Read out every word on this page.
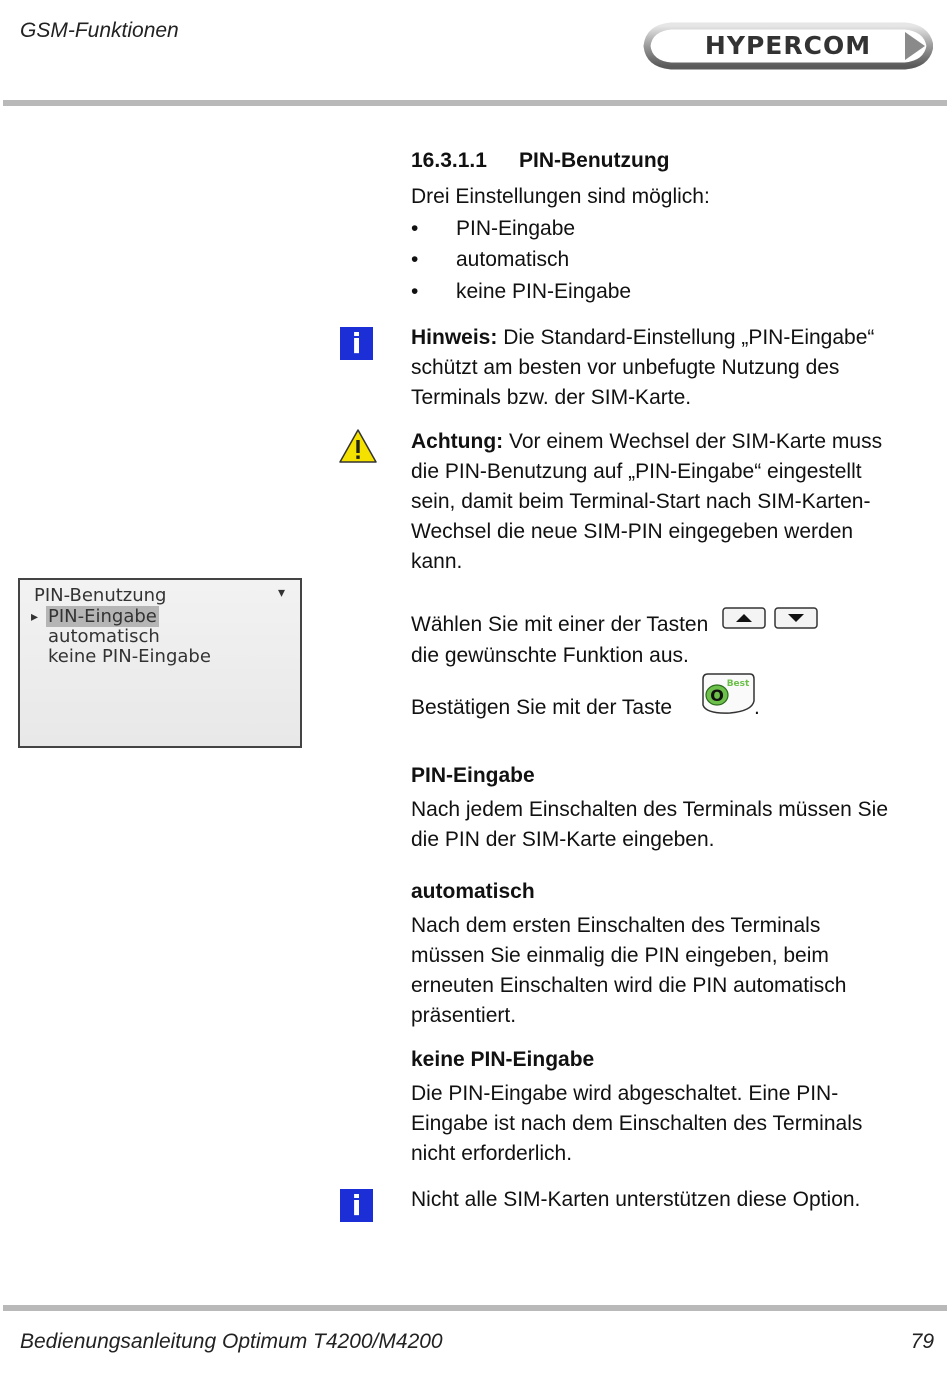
GSM-Funktionen
HYPERCOM
16.3.1.1 PIN-Benutzung
Drei Einstellungen sind möglich:
•	PIN-Eingabe
•	automatisch
•	keine PIN-Eingabe
i	Hinweis: Die Standard-Einstellung „PIN-Eingabe“
schützt am besten vor unbefugte Nutzung des
Terminals bzw. der SIM-Karte.
Achtung: Vor einem Wechsel der SIM-Karte muss
die PIN-Benutzung auf „PIN-Eingabe“ eingestellt
sein, damit beim Terminal-Start nach SIM-Karten-
Wechsel die neue SIM-PIN eingegeben werden
kann.
PIN-Benutzung	▾
▸ PIN-Eingabe
automatisch
keine PIN-Eingabe
Wählen Sie mit einer der Tasten
die gewünschte Funktion aus.
Bestätigen Sie mit der Taste
O
Best
.
PIN-Eingabe
Nach jedem Einschalten des Terminals müssen Sie
die PIN der SIM-Karte eingeben.
automatisch
Nach dem ersten Einschalten des Terminals
müssen Sie einmalig die PIN eingeben, beim
erneuten Einschalten wird die PIN automatisch
präsentiert.
keine PIN-Eingabe
Die PIN-Eingabe wird abgeschaltet. Eine PIN-
Eingabe ist nach dem Einschalten des Terminals
nicht erforderlich.
i	Nicht alle SIM-Karten unterstützen diese Option.
Bedienungsanleitung Optimum T4200/M4200	79
